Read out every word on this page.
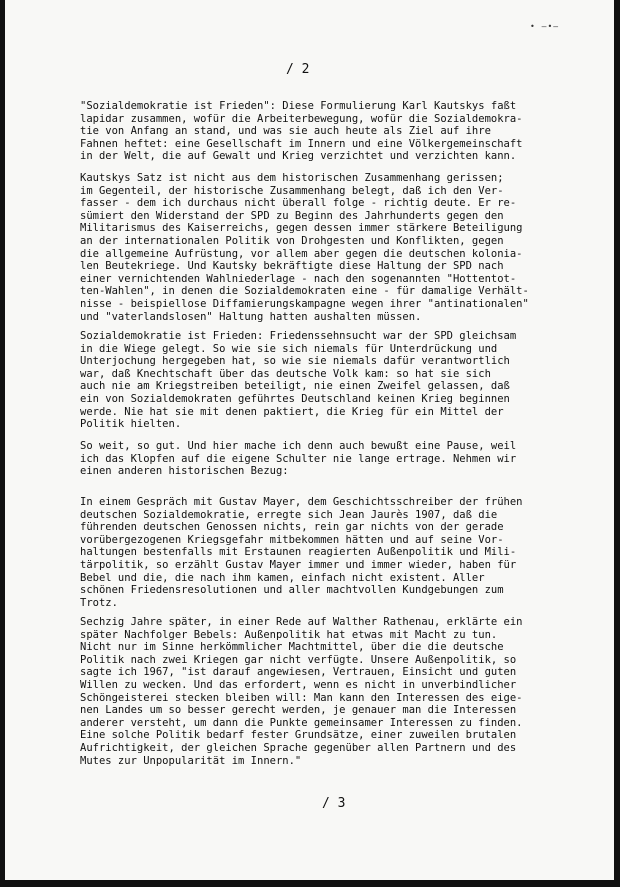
• —•—
/ 2
"Sozialdemokratie ist Frieden": Diese Formulierung Karl Kautskys faßt
lapidar zusammen, wofür die Arbeiterbewegung, wofür die Sozialdemokra-
tie von Anfang an stand, und was sie auch heute als Ziel auf ihre
Fahnen heftet: eine Gesellschaft im Innern und eine Völkergemeinschaft
in der Welt, die auf Gewalt und Krieg verzichtet und verzichten kann.
Kautskys Satz ist nicht aus dem historischen Zusammenhang gerissen;
im Gegenteil, der historische Zusammenhang belegt, daß ich den Ver-
fasser - dem ich durchaus nicht überall folge - richtig deute. Er re-
sümiert den Widerstand der SPD zu Beginn des Jahrhunderts gegen den
Militarismus des Kaiserreichs, gegen dessen immer stärkere Beteiligung
an der internationalen Politik von Drohgesten und Konflikten, gegen
die allgemeine Aufrüstung, vor allem aber gegen die deutschen kolonia-
len Beutekriege. Und Kautsky bekräftigte diese Haltung der SPD nach
einer vernichtenden Wahlniederlage - nach den sogenannten "Hottentot-
ten-Wahlen", in denen die Sozialdemokraten eine - für damalige Verhält-
nisse - beispiellose Diffamierungskampagne wegen ihrer "antinationalen"
und "vaterlandslosen" Haltung hatten aushalten müssen.
Sozialdemokratie ist Frieden: Friedenssehnsucht war der SPD gleichsam
in die Wiege gelegt. So wie sie sich niemals für Unterdrückung und
Unterjochung hergegeben hat, so wie sie niemals dafür verantwortlich
war, daß Knechtschaft über das deutsche Volk kam: so hat sie sich
auch nie am Kriegstreiben beteiligt, nie einen Zweifel gelassen, daß
ein von Sozialdemokraten geführtes Deutschland keinen Krieg beginnen
werde. Nie hat sie mit denen paktiert, die Krieg für ein Mittel der
Politik hielten.
So weit, so gut. Und hier mache ich denn auch bewußt eine Pause, weil
ich das Klopfen auf die eigene Schulter nie lange ertrage. Nehmen wir
einen anderen historischen Bezug:
In einem Gespräch mit Gustav Mayer, dem Geschichtsschreiber der frühen
deutschen Sozialdemokratie, erregte sich Jean Jaurès 1907, daß die
führenden deutschen Genossen nichts, rein gar nichts von der gerade
vorübergezogenen Kriegsgefahr mitbekommen hätten und auf seine Vor-
haltungen bestenfalls mit Erstaunen reagierten Außenpolitik und Mili-
tärpolitik, so erzählt Gustav Mayer immer und immer wieder, haben für
Bebel und die, die nach ihm kamen, einfach nicht existent. Aller
schönen Friedensresolutionen und aller machtvollen Kundgebungen zum
Trotz.
Sechzig Jahre später, in einer Rede auf Walther Rathenau, erklärte ein
später Nachfolger Bebels: Außenpolitik hat etwas mit Macht zu tun.
Nicht nur im Sinne herkömmlicher Machtmittel, über die die deutsche
Politik nach zwei Kriegen gar nicht verfügte. Unsere Außenpolitik, so
sagte ich 1967, "ist darauf angewiesen, Vertrauen, Einsicht und guten
Willen zu wecken. Und das erfordert, wenn es nicht in unverbindlicher
Schöngeisterei stecken bleiben will: Man kann den Interessen des eige-
nen Landes um so besser gerecht werden, je genauer man die Interessen
anderer versteht, um dann die Punkte gemeinsamer Interessen zu finden.
Eine solche Politik bedarf fester Grundsätze, einer zuweilen brutalen
Aufrichtigkeit, der gleichen Sprache gegenüber allen Partnern und des
Mutes zur Unpopularität im Innern."
/ 3
